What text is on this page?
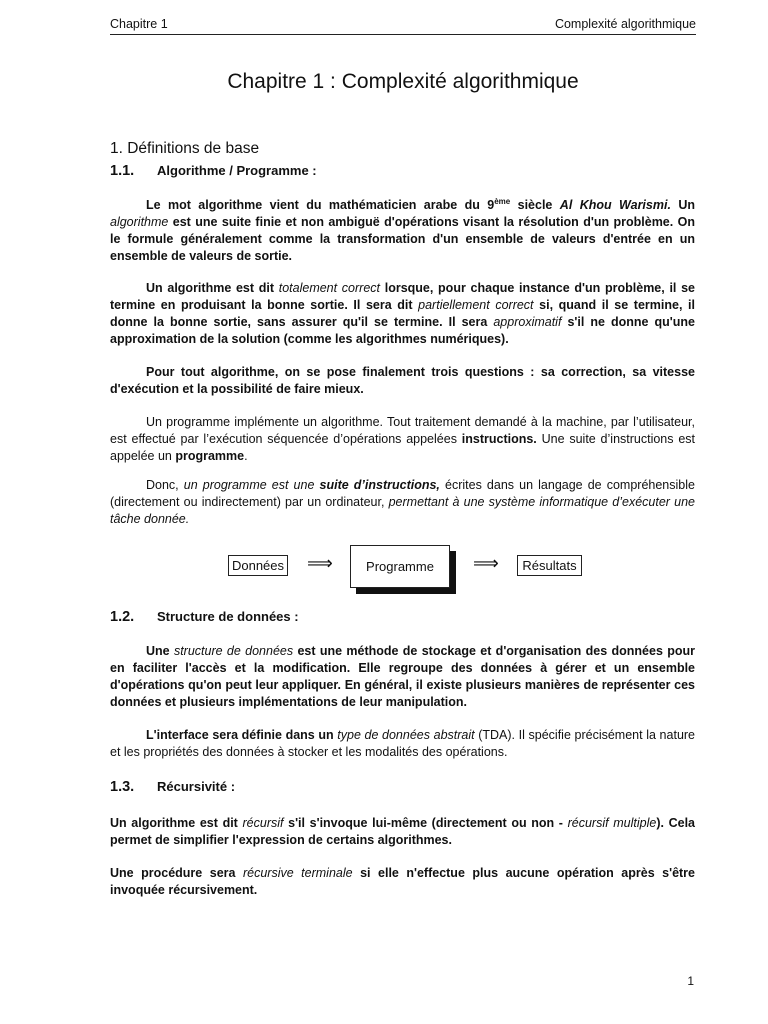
Chapitre 1	Complexité algorithmique
Chapitre 1 : Complexité algorithmique
1. Définitions de base
1.1. Algorithme / Programme :

Le mot algorithme vient du mathématicien arabe du 9ème siècle Al Khou Warismi. Un algorithme est une suite finie et non ambiguë d'opérations visant la résolution d'un problème. On le formule généralement comme la transformation d'un ensemble de valeurs d'entrée en un ensemble de valeurs de sortie.

Un algorithme est dit totalement correct lorsque, pour chaque instance d'un problème, il se termine en produisant la bonne sortie. Il sera dit partiellement correct si, quand il se termine, il donne la bonne sortie, sans assurer qu'il se termine. Il sera approximatif s'il ne donne qu'une approximation de la solution (comme les algorithmes numériques).

Pour tout algorithme, on se pose finalement trois questions : sa correction, sa vitesse d'exécution et la possibilité de faire mieux.

Un programme implémente un algorithme. Tout traitement demandé à la machine, par l’utilisateur, est effectué par l’exécution séquencée d’opérations appelées instructions. Une suite d’instructions est appelée un programme.

Donc, un programme est une suite d’instructions, écrites dans un langage de compréhensible (directement ou indirectement) par un ordinateur, permettant à une système informatique d’exécuter une tâche donnée.

Données ⟹	Programme	⟹	Résultats
1.2. Structure de données :

Une structure de données est une méthode de stockage et d'organisation des données pour en faciliter l'accès et la modification. Elle regroupe des données à gérer et un ensemble d'opérations qu'on peut leur appliquer. En général, il existe plusieurs manières de représenter ces données et plusieurs implémentations de leur manipulation.

L'interface sera définie dans un type de données abstrait (TDA). Il spécifie précisément la nature et les propriétés des données à stocker et les modalités des opérations.

1.3. Récursivité :

Un algorithme est dit récursif s'il s'invoque lui-même (directement ou non - récursif multiple). Cela permet de simplifier l'expression de certains algorithmes.

Une procédure sera récursive terminale si elle n'effectue plus aucune opération après s'être invoquée récursivement.

1
